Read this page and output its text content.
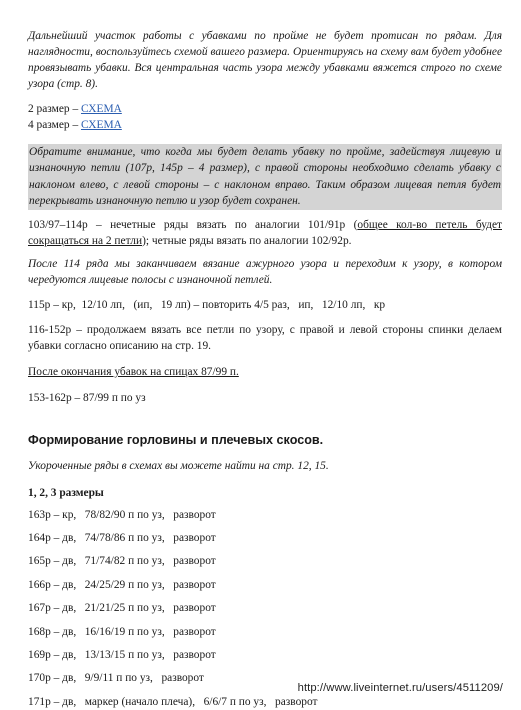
Дальнейший участок работы с убавками по пройме не будет протисан по рядам. Для наглядности, воспользуйтесь схемой вашего размера. Ориентируясь на схему вам будет удобнее провязывать убавки. Вся центральная часть узора между убавками вяжется строго по схеме узора (стр. 8).

2 размер – СХЕМА

4 размер – СХЕМА

Обратите внимание, что когда мы будет делать убавку по пройме, задействуя лицевую и изнаночную петли (107р, 145р – 4 размер), с правой стороны необходимо сделать убавку с наклоном влево, с левой стороны – с наклоном вправо. Таким образом лицевая петля будет перекрывать изнаночную петлю и узор будет сохранен.

103/97–114р – нечетные ряды вязать по аналогии 101/91р (общее кол-во петель будет сокращаться на 2 петли); четные ряды вязать по аналогии 102/92р.

После 114 ряда мы заканчиваем вязание ажурного узора и переходим к узору, в котором чередуются лицевые полосы с изнаночной петлей.

115р – кр,  12/10 лп,   (ип,   19 лп) – повторить 4/5 раз,   ип,   12/10 лп,   кр

116-152р – продолжаем вязать все петли по узору, с правой и левой стороны спинки делаем убавки согласно описанию на стр. 19.

После окончания убавок на спицах 87/99 п.

153-162р – 87/99 п по уз

Формирование горловины и плечевых скосов.

Укороченные ряды в схемах вы можете найти на стр. 12, 15.

1, 2, 3 размеры

163р – кр,   78/82/90 п по уз,   разворот

164р – дв,   74/78/86 п по уз,   разворот

165р – дв,   71/74/82 п по уз,   разворот

166р – дв,   24/25/29 п по уз,   разворот

167р – дв,   21/21/25 п по уз,   разворот

168р – дв,   16/16/19 п по уз,   разворот

169р – дв,   13/13/15 п по уз,   разворот

170р – дв,   9/9/11 п по уз,   разворот

171р – дв,   маркер (начало плеча),   6/6/7 п по уз,   разворот

http://www.liveinternet.ru/users/4511209/
